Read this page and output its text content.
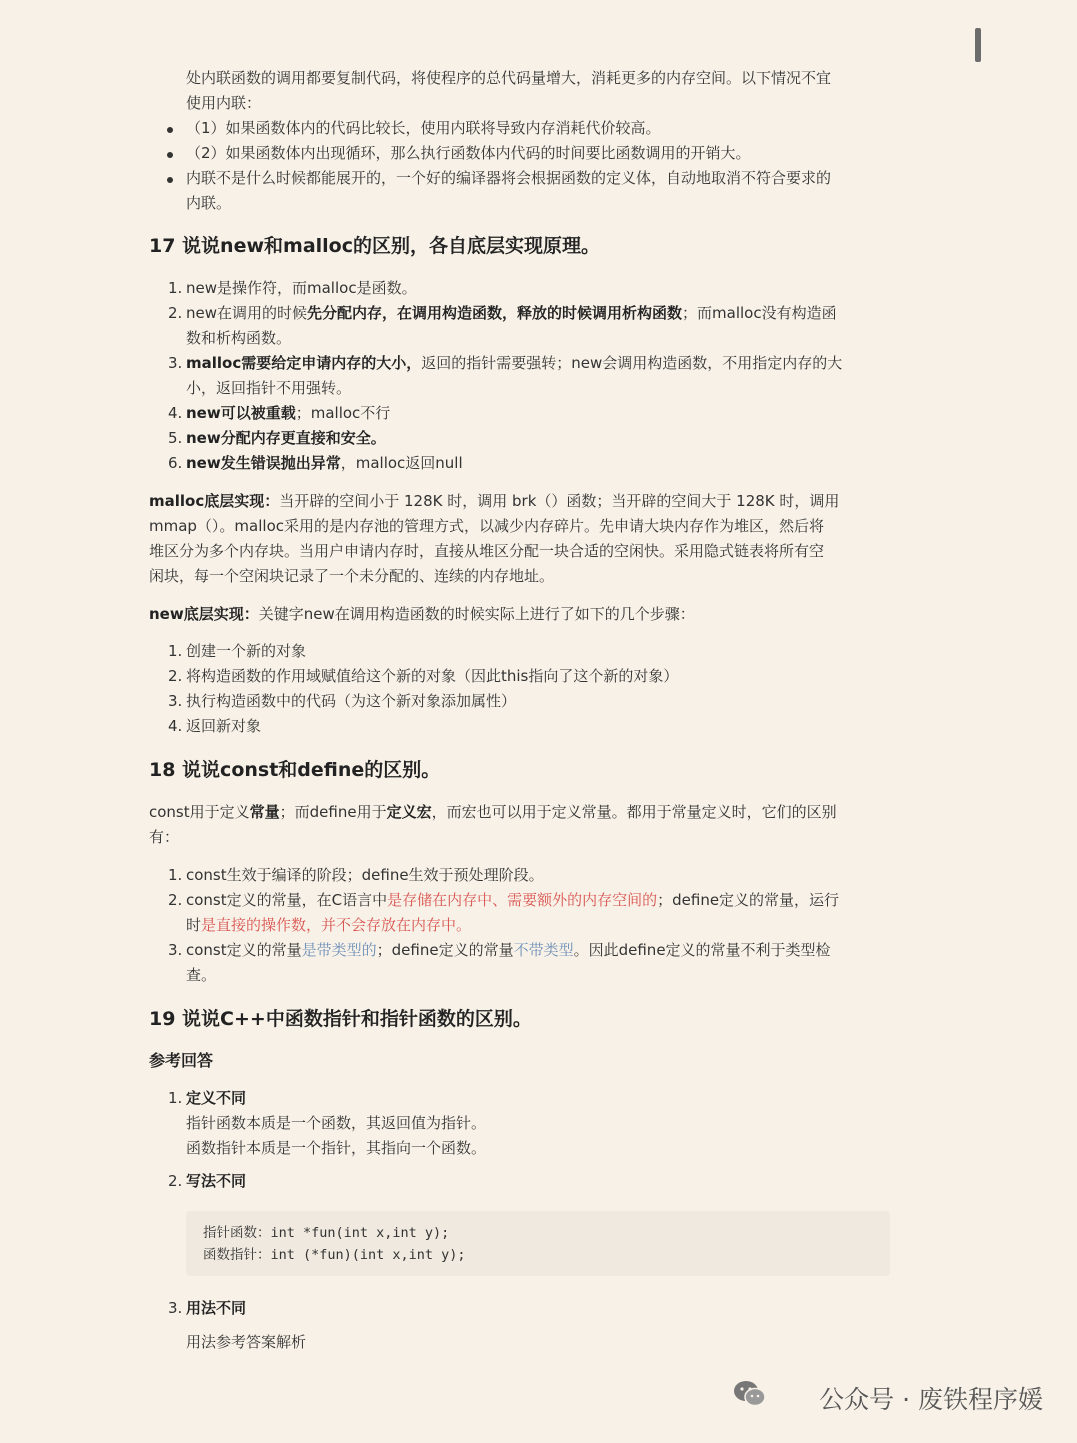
处内联函数的调用都要复制代码，将使程序的总代码量增大，消耗更多的内存空间。以下情况不宜
使用内联：
（1）如果函数体内的代码比较长，使用内联将导致内存消耗代价较高。
（2）如果函数体内出现循环，那么执行函数体内代码的时间要比函数调用的开销大。
内联不是什么时候都能展开的，一个好的编译器将会根据函数的定义体，自动地取消不符合要求的
内联。
17 说说new和malloc的区别，各自底层实现原理。
1. new是操作符，而malloc是函数。
2. new在调用的时候先分配内存，在调用构造函数，释放的时候调用析构函数；而malloc没有构造函
数和析构函数。
3. malloc需要给定申请内存的大小，返回的指针需要强转；new会调用构造函数，不用指定内存的大
小，返回指针不用强转。
4. new可以被重载；malloc不行
5. new分配内存更直接和安全。
6. new发生错误抛出异常，malloc返回null
malloc底层实现：当开辟的空间小于 128K 时，调用 brk（）函数；当开辟的空间大于 128K 时，调用
mmap（）。malloc采用的是内存池的管理方式，以减少内存碎片。先申请大块内存作为堆区，然后将
堆区分为多个内存块。当用户申请内存时，直接从堆区分配一块合适的空闲快。采用隐式链表将所有空
闲块，每一个空闲块记录了一个未分配的、连续的内存地址。
new底层实现：关键字new在调用构造函数的时候实际上进行了如下的几个步骤：
1. 创建一个新的对象
2. 将构造函数的作用域赋值给这个新的对象（因此this指向了这个新的对象）
3. 执行构造函数中的代码（为这个新对象添加属性）
4. 返回新对象
18 说说const和define的区别。
const用于定义常量；而define用于定义宏，而宏也可以用于定义常量。都用于常量定义时，它们的区别
有：
1. const生效于编译的阶段；define生效于预处理阶段。
2. const定义的常量，在C语言中是存储在内存中、需要额外的内存空间的；define定义的常量，运行
时是直接的操作数，并不会存放在内存中。
3. const定义的常量是带类型的；define定义的常量不带类型。因此define定义的常量不利于类型检
查。
19 说说C++中函数指针和指针函数的区别。
参考回答
1. 定义不同
指针函数本质是一个函数，其返回值为指针。
函数指针本质是一个指针，其指向一个函数。
2. 写法不同
指针函数：int *fun(int x,int y);
函数指针：int (*fun)(int x,int y);
3. 用法不同
用法参考答案解析
公众号 · 废铁程序媛
